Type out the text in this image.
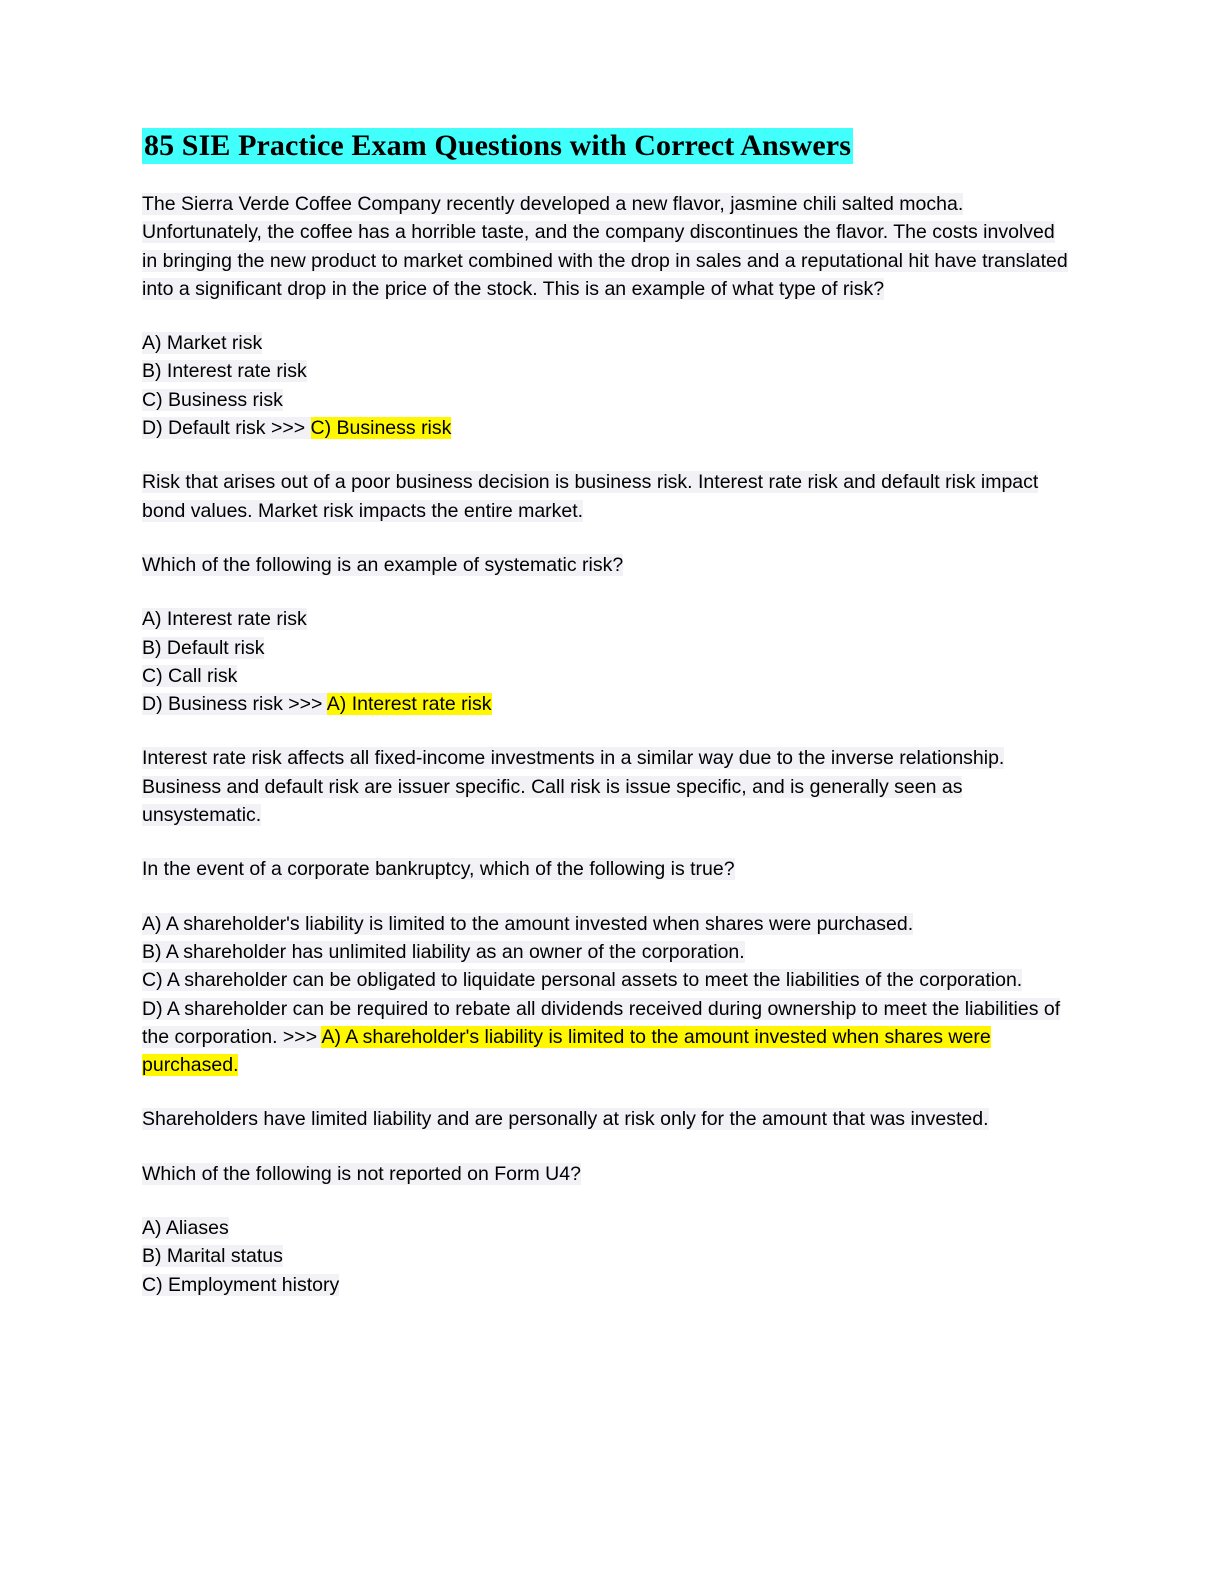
85 SIE Practice Exam Questions with Correct Answers

The Sierra Verde Coffee Company recently developed a new flavor, jasmine chili salted mocha. Unfortunately, the coffee has a horrible taste, and the company discontinues the flavor. The costs involved in bringing the new product to market combined with the drop in sales and a reputational hit have translated into a significant drop in the price of the stock. This is an example of what type of risk?

A) Market risk
B) Interest rate risk
C) Business risk
D) Default risk >>> C) Business risk

Risk that arises out of a poor business decision is business risk. Interest rate risk and default risk impact bond values. Market risk impacts the entire market.

Which of the following is an example of systematic risk?

A) Interest rate risk
B) Default risk
C) Call risk
D) Business risk >>> A) Interest rate risk

Interest rate risk affects all fixed-income investments in a similar way due to the inverse relationship. Business and default risk are issuer specific. Call risk is issue specific, and is generally seen as unsystematic.

In the event of a corporate bankruptcy, which of the following is true?

A) A shareholder's liability is limited to the amount invested when shares were purchased.
B) A shareholder has unlimited liability as an owner of the corporation.
C) A shareholder can be obligated to liquidate personal assets to meet the liabilities of the corporation.
D) A shareholder can be required to rebate all dividends received during ownership to meet the liabilities of the corporation. >>> A) A shareholder's liability is limited to the amount invested when shares were purchased.

Shareholders have limited liability and are personally at risk only for the amount that was invested.

Which of the following is not reported on Form U4?

A) Aliases
B) Marital status
C) Employment history
